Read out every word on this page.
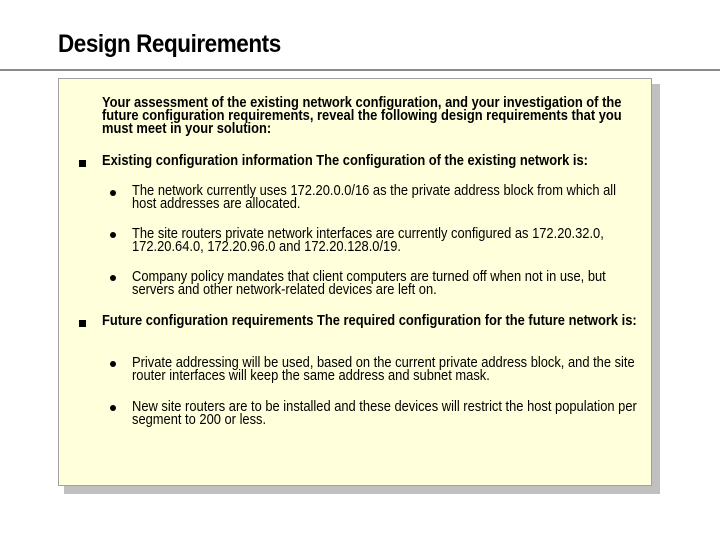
Design Requirements
Your assessment of the existing network configuration, and your investigation of the future configuration requirements, reveal the following design requirements that you must meet in your solution:
Existing configuration information The configuration of the existing network is:
The network currently uses 172.20.0.0/16 as the private address block from which all host addresses are allocated.
The site routers private network interfaces are currently configured as 172.20.32.0, 172.20.64.0, 172.20.96.0 and 172.20.128.0/19.
Company policy mandates that client computers are turned off when not in use, but servers and other network-related devices are left on.
Future configuration requirements The required configuration for the future network is:
Private addressing will be used, based on the current private address block, and the site router interfaces will keep the same address and subnet mask.
New site routers are to be installed and these devices will restrict the host population per segment to 200 or less.
